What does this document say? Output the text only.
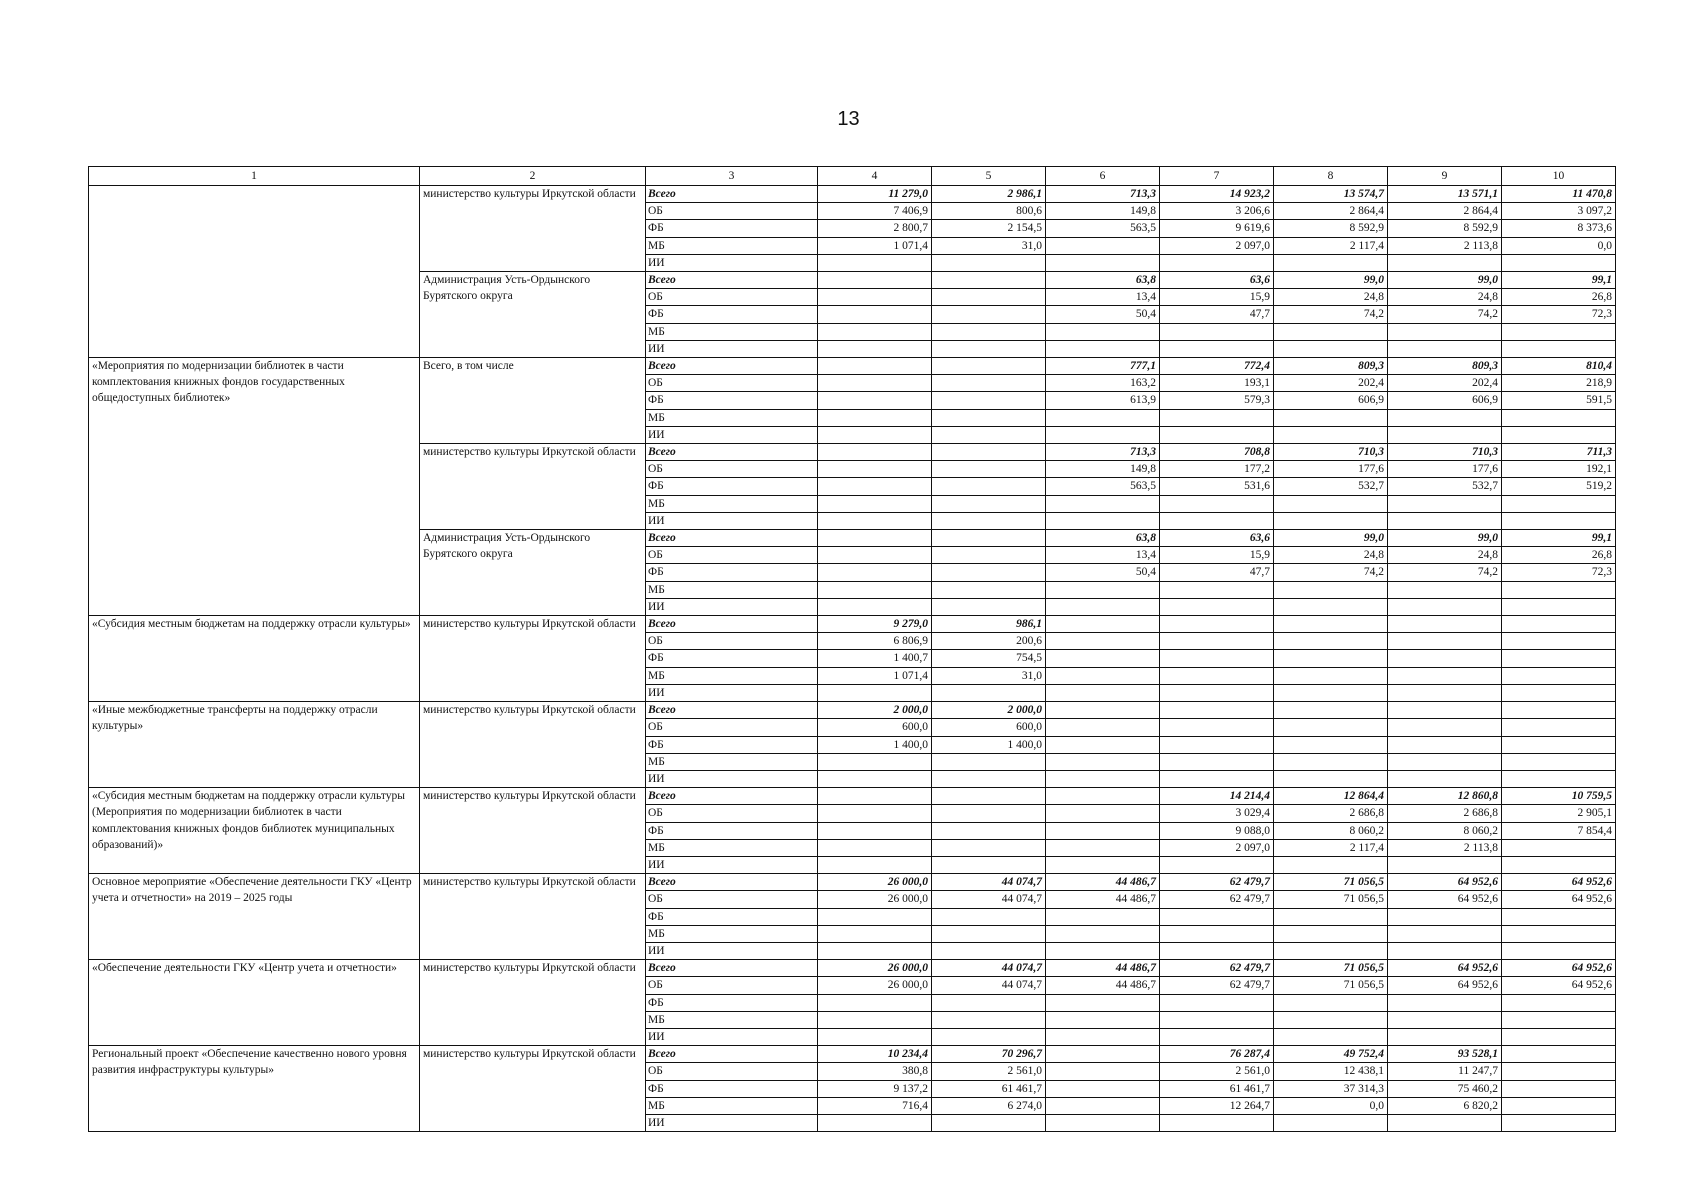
13
1	2	3	4	5	6	7	8	9	10
	министерство культуры Иркутской области	Всего	11 279,0	2 986,1	713,3	14 923,2	13 574,7	13 571,1	11 470,8
		ОБ	7 406,9	800,6	149,8	3 206,6	2 864,4	2 864,4	3 097,2
		ФБ	2 800,7	2 154,5	563,5	9 619,6	8 592,9	8 592,9	8 373,6
		МБ	1 071,4	31,0		2 097,0	2 117,4	2 113,8	0,0
		ИИ							
	Администрация Усть-Ордынского Бурятского округа	Всего			63,8	63,6	99,0	99,0	99,1
		ОБ			13,4	15,9	24,8	24,8	26,8
		ФБ			50,4	47,7	74,2	74,2	72,3
		МБ							
		ИИ							
«Мероприятия по модернизации библиотек в части комплектования книжных фондов государственных общедоступных библиотек»	Всего, в том числе	Всего			777,1	772,4	809,3	809,3	810,4
		ОБ			163,2	193,1	202,4	202,4	218,9
		ФБ			613,9	579,3	606,9	606,9	591,5
		МБ							
		ИИ							
	министерство культуры Иркутской области	Всего			713,3	708,8	710,3	710,3	711,3
		ОБ			149,8	177,2	177,6	177,6	192,1
		ФБ			563,5	531,6	532,7	532,7	519,2
		МБ							
		ИИ							
	Администрация Усть-Ордынского Бурятского округа	Всего			63,8	63,6	99,0	99,0	99,1
		ОБ			13,4	15,9	24,8	24,8	26,8
		ФБ			50,4	47,7	74,2	74,2	72,3
		МБ							
		ИИ							
«Субсидия местным бюджетам на поддержку отрасли культуры»	министерство культуры Иркутской области	Всего	9 279,0	986,1					
		ОБ	6 806,9	200,6					
		ФБ	1 400,7	754,5					
		МБ	1 071,4	31,0					
		ИИ							
«Иные межбюджетные трансферты на поддержку отрасли культуры»	министерство культуры Иркутской области	Всего	2 000,0	2 000,0					
		ОБ	600,0	600,0					
		ФБ	1 400,0	1 400,0					
		МБ							
		ИИ							
«Субсидия местным бюджетам на поддержку отрасли культуры (Мероприятия по модернизации библиотек в части комплектования книжных фондов библиотек муниципальных образований)»	министерство культуры Иркутской области	Всего				14 214,4	12 864,4	12 860,8	10 759,5
		ОБ				3 029,4	2 686,8	2 686,8	2 905,1
		ФБ				9 088,0	8 060,2	8 060,2	7 854,4
		МБ				2 097,0	2 117,4	2 113,8	
		ИИ							
Основное мероприятие «Обеспечение деятельности ГКУ «Центр учета и отчетности» на 2019 – 2025 годы	министерство культуры Иркутской области	Всего	26 000,0	44 074,7	44 486,7	62 479,7	71 056,5	64 952,6	64 952,6
		ОБ	26 000,0	44 074,7	44 486,7	62 479,7	71 056,5	64 952,6	64 952,6
		ФБ							
		МБ							
		ИИ							
«Обеспечение деятельности ГКУ «Центр учета и отчетности»	министерство культуры Иркутской области	Всего	26 000,0	44 074,7	44 486,7	62 479,7	71 056,5	64 952,6	64 952,6
		ОБ	26 000,0	44 074,7	44 486,7	62 479,7	71 056,5	64 952,6	64 952,6
		ФБ							
		МБ							
		ИИ							
Региональный проект «Обеспечение качественно нового уровня развития инфраструктуры культуры»	министерство культуры Иркутской области	Всего	10 234,4	70 296,7		76 287,4	49 752,4	93 528,1	
		ОБ	380,8	2 561,0		2 561,0	12 438,1	11 247,7	
		ФБ	9 137,2	61 461,7		61 461,7	37 314,3	75 460,2	
		МБ	716,4	6 274,0		12 264,7	0,0	6 820,2	
		ИИ							
